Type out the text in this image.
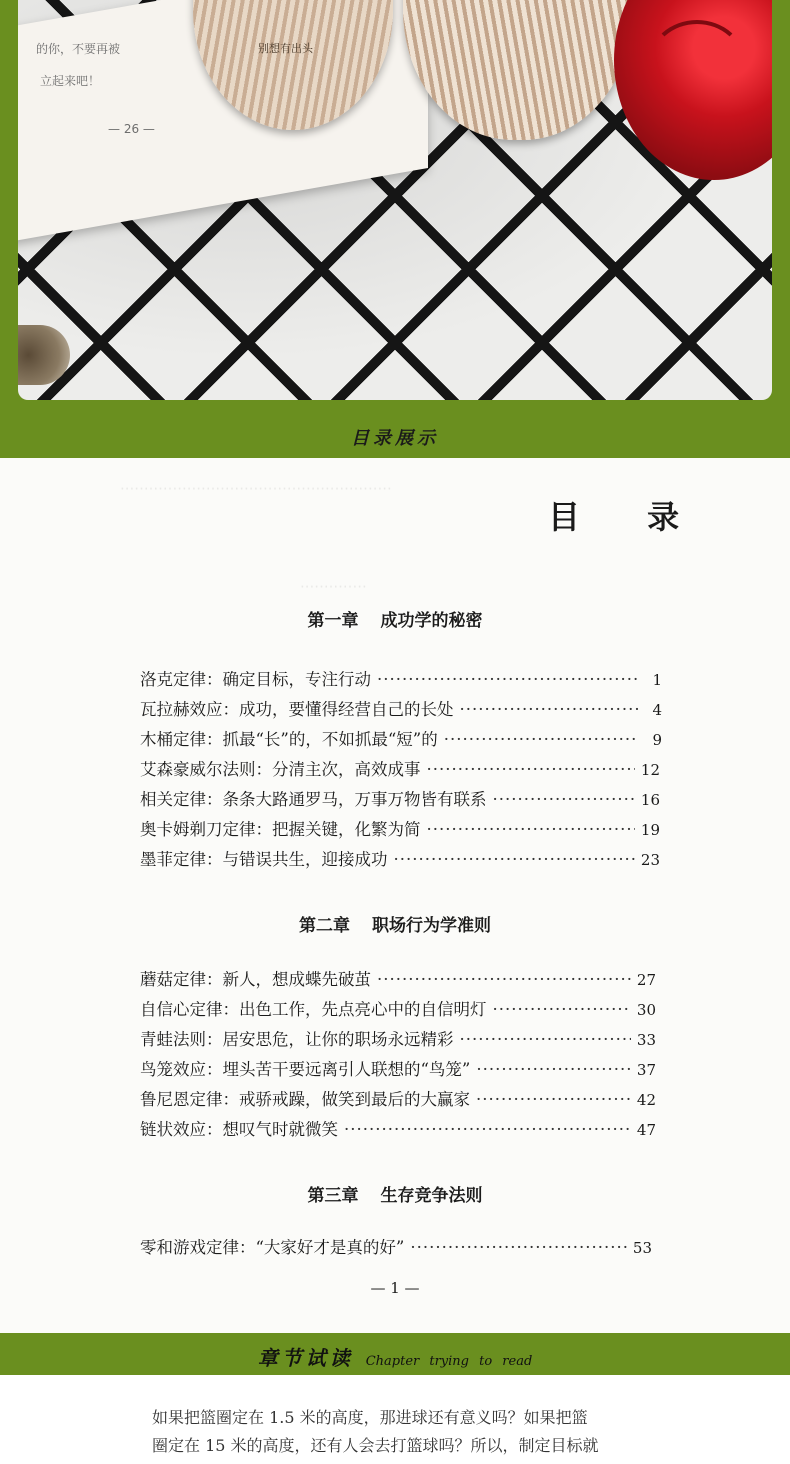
的你，不要再被
立起来吧！
— 26 —
别想有出头
目录展示
·························································
··············
目 录
第一章 成功学的秘密
洛克定律：确定目标，专注行动 ·····	1
瓦拉赫效应：成功，要懂得经营自己的长处 ·····	4
木桶定律：抓最“长”的，不如抓最“短”的 ·····	9
艾森豪威尔法则：分清主次，高效成事 ·····	12
相关定律：条条大路通罗马，万事万物皆有联系 ·····	16
奥卡姆剃刀定律：把握关键，化繁为简 ·····	19
墨菲定律：与错误共生，迎接成功 ·····	23
第二章 职场行为学准则
蘑菇定律：新人，想成蝶先破茧 ·····	27
自信心定律：出色工作，先点亮心中的自信明灯 ·····	30
青蛙法则：居安思危，让你的职场永远精彩 ·····	33
鸟笼效应：埋头苦干要远离引人联想的“鸟笼” ·····	37
鲁尼恩定律：戒骄戒躁，做笑到最后的大赢家 ·····	42
链状效应：想叹气时就微笑 ·····	47
第三章 生存竞争法则
零和游戏定律：“大家好才是真的好” ·····	53
— 1 —
章节试读 Chapter trying to read
如果把篮圈定在 1.5 米的高度，那进球还有意义吗？如果把篮
圈定在 15 米的高度，还有人会去打篮球吗？所以，制定目标就
